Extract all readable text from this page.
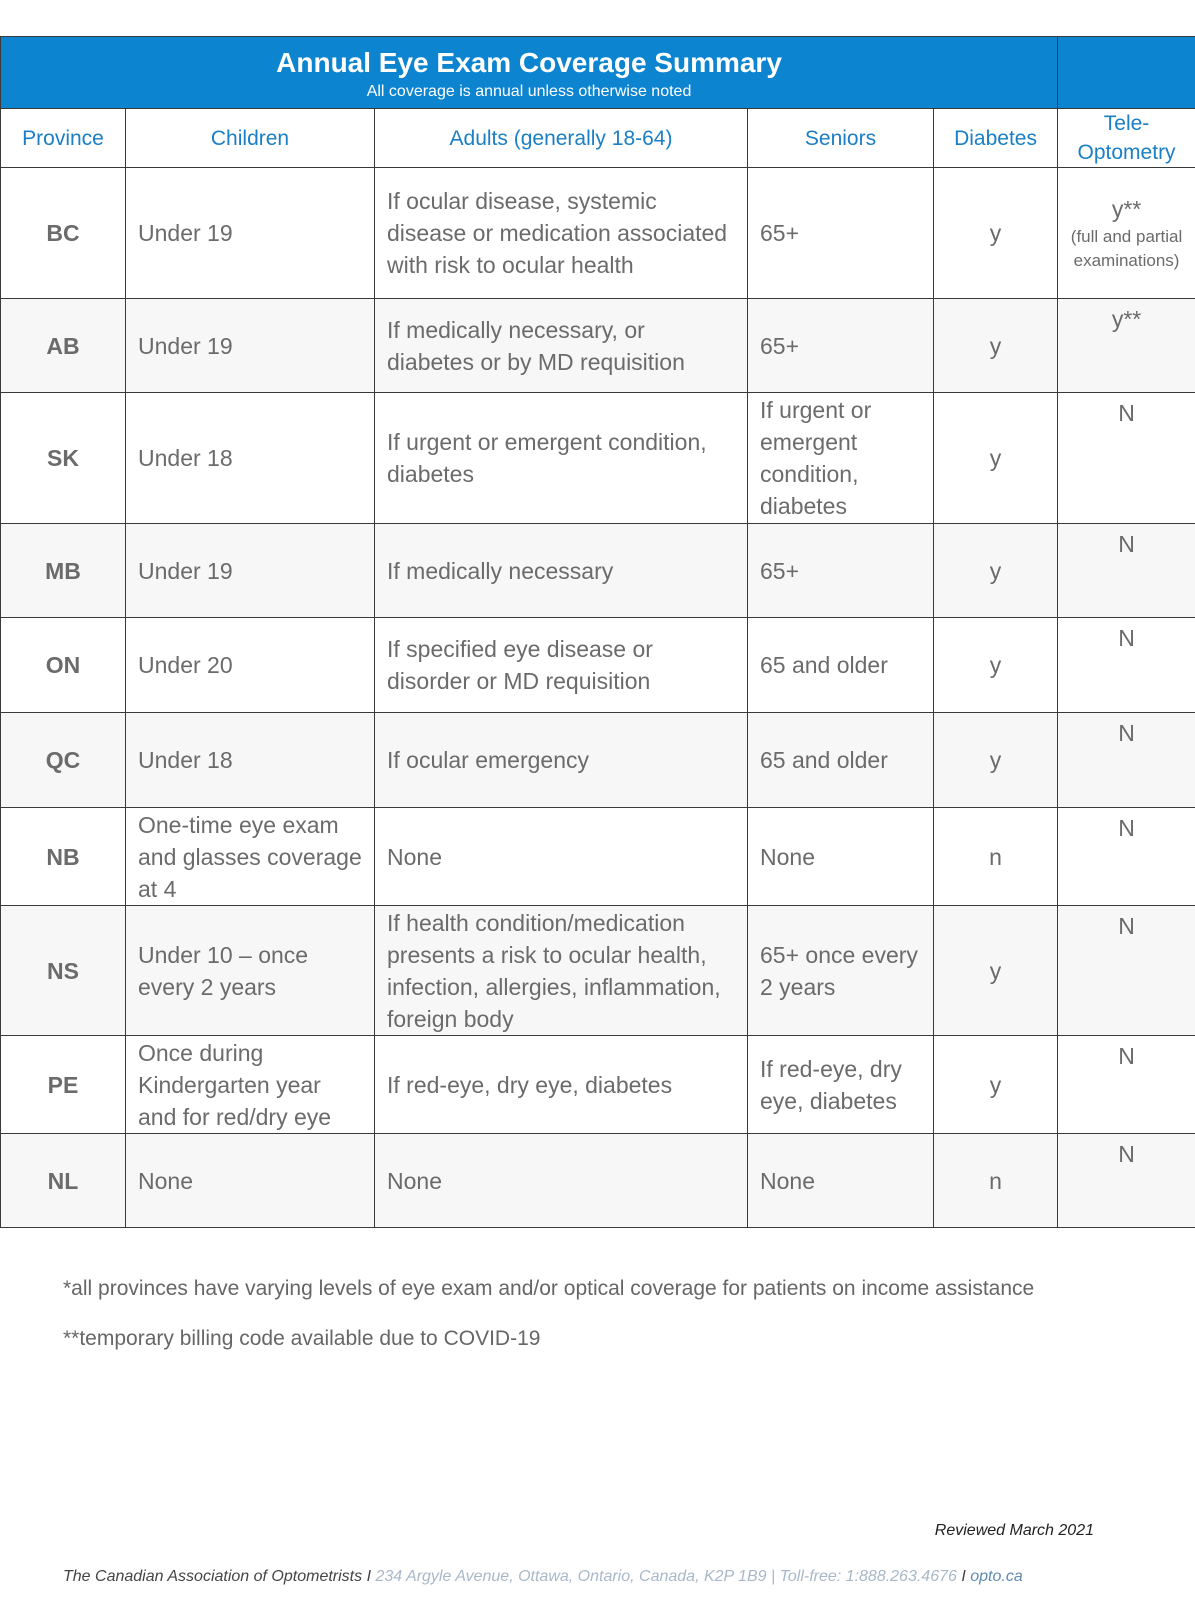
Annual Eye Exam Coverage Summary
All coverage is annual unless otherwise noted					

Province	Children	Adults (generally 18-64)	Seniors	Diabetes	Tele-
Optometry
BC	Under 19	If ocular disease, systemic disease or medication associated with risk to ocular health	65+	y	y**
(full and partial examinations)

AB	Under 19	If medically necessary, or diabetes or by MD requisition	65+	y	y**
SK	Under 18	If urgent or emergent condition, diabetes	If urgent or emergent condition, diabetes	y	N
MB	Under 19	If medically necessary	65+	y	N
ON	Under 20	If specified eye disease or disorder or MD requisition	65 and older	y	N
QC	Under 18	If ocular emergency	65 and older	y	N
NB	One-time eye exam and glasses coverage at 4	None	None	n	N
NS	Under 10 – once every 2 years	If health condition/medication presents a risk to ocular health, infection, allergies, inflammation, foreign body	65+ once every 2 years	y	N
PE	Once during Kindergarten year and for red/dry eye	If red-eye, dry eye, diabetes	If red-eye, dry eye, diabetes	y	N
NL	None	None	None	n	N

*all provinces have varying levels of eye exam and/or optical coverage for patients on income assistance

**temporary billing code available due to COVID-19

Reviewed March 2021
The Canadian Association of Optometrists I 234 Argyle Avenue, Ottawa, Ontario, Canada, K2P 1B9 | Toll-free: 1:888.263.4676 I opto.ca
